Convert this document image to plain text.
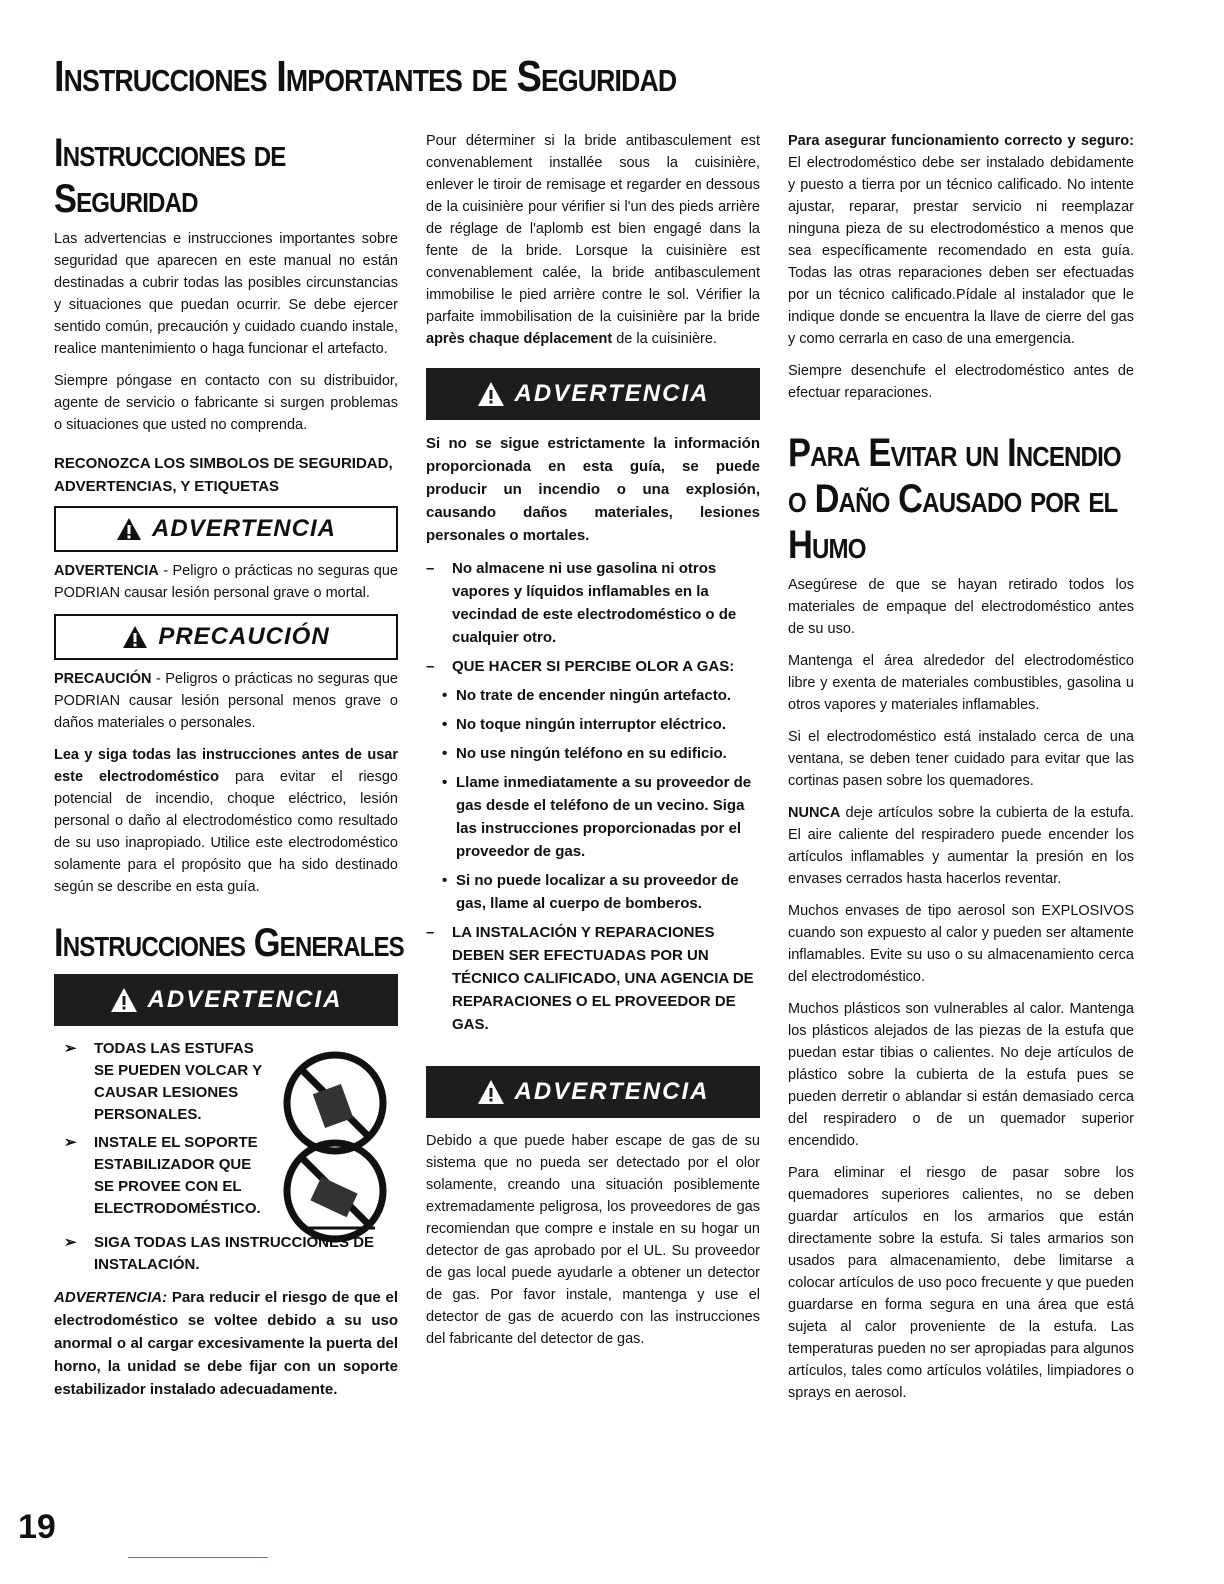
Instrucciones Importantes de Seguridad
Instrucciones de Seguridad

Las advertencias e instrucciones importantes sobre seguridad que aparecen en este manual no están destinadas a cubrir todas las posibles circunstancias y situaciones que puedan ocurrir. Se debe ejercer sentido común, precaución y cuidado cuando instale, realice mantenimiento o haga funcionar el artefacto.

Siempre póngase en contacto con su distribuidor, agente de servicio o fabricante si surgen problemas o situaciones que usted no comprenda.

RECONOZCA LOS SIMBOLOS DE SEGURIDAD, ADVERTENCIAS, Y ETIQUETAS
ADVERTENCIA

ADVERTENCIA - Peligro o prácticas no seguras que PODRIAN causar lesión personal grave o mortal.

PRECAUCIÓN

PRECAUCIÓN - Peligros o prácticas no seguras que PODRIAN causar lesión personal menos grave o daños materiales o personales.

Lea y siga todas las instrucciones antes de usar este electrodoméstico para evitar el riesgo potencial de incendio, choque eléctrico, lesión personal o daño al electrodoméstico como resultado de su uso inapropiado. Utilice este electrodoméstico solamente para el propósito que ha sido destinado según se describe en esta guía.

Instrucciones Generales
ADVERTENCIA
➢	TODAS LAS ESTUFAS SE PUEDEN VOLCAR Y CAUSAR LESIONES PERSONALES.
➢	INSTALE EL SOPORTE ESTABILIZADOR QUE SE PROVEE CON EL ELECTRODOMÉSTICO.
➢	SIGA TODAS LAS INSTRUCCIONES DE INSTALACIÓN.

ADVERTENCIA: Para reducir el riesgo de que el electrodoméstico se voltee debido a su uso anormal o al cargar excesivamente la puerta del horno, la unidad se debe fijar con un soporte estabilizador instalado adecuadamente.

Pour déterminer si la bride antibasculement est convenablement installée sous la cuisinière, enlever le tiroir de remisage et regarder en dessous de la cuisinière pour vérifier si l'un des pieds arrière de réglage de l'aplomb est bien engagé dans la fente de la bride. Lorsque la cuisinière est convenablement calée, la bride antibasculement immobilise le pied arrière contre le sol. Vérifier la parfaite immobilisation de la cuisinière par la bride après chaque déplacement de la cuisinière.

ADVERTENCIA

Si no se sigue estrictamente la información proporcionada en esta guía, se puede producir un incendio o una explosión, causando daños materiales, lesiones personales o mortales.

–	No almacene ni use gasolina ni otros vapores y líquidos inflamables en la vecindad de este electrodoméstico o de cualquier otro.
–	QUE HACER SI PERCIBE OLOR A GAS:
• No trate de encender ningún artefacto.
• No toque ningún interruptor eléctrico.
• No use ningún teléfono en su edificio.
• Llame inmediatamente a su proveedor de gas desde el teléfono de un vecino. Siga las instrucciones proporcionadas por el proveedor de gas.
• Si no puede localizar a su proveedor de gas, llame al cuerpo de bomberos.
–	LA INSTALACIÓN Y REPARACIONES DEBEN SER EFECTUADAS POR UN TÉCNICO CALIFICADO, UNA AGENCIA DE REPARACIONES O EL PROVEEDOR DE GAS.
ADVERTENCIA

Debido a que puede haber escape de gas de su sistema que no pueda ser detectado por el olor solamente, creando una situación posiblemente extremadamente peligrosa, los proveedores de gas recomiendan que compre e instale en su hogar un detector de gas aprobado por el UL. Su proveedor de gas local puede ayudarle a obtener un detector de gas. Por favor instale, mantenga y use el detector de gas de acuerdo con las instrucciones del fabricante del detector de gas.

Para asegurar funcionamiento correcto y seguro: El electrodoméstico debe ser instalado debidamente y puesto a tierra por un técnico calificado. No intente ajustar, reparar, prestar servicio ni reemplazar ninguna pieza de su electrodoméstico a menos que sea específicamente recomendado en esta guía. Todas las otras reparaciones deben ser efectuadas por un técnico calificado.Pídale al instalador que le indique donde se encuentra la llave de cierre del gas y como cerrarla en caso de una emergencia.

Siempre desenchufe el electrodoméstico antes de efectuar reparaciones.

Para Evitar un Incendio o Daño Causado por el Humo

Asegúrese de que se hayan retirado todos los materiales de empaque del electrodoméstico antes de su uso.

Mantenga el área alrededor del electrodoméstico libre y exenta de materiales combustibles, gasolina u otros vapores y materiales inflamables.

Si el electrodoméstico está instalado cerca de una ventana, se deben tener cuidado para evitar que las cortinas pasen sobre los quemadores.

NUNCA deje artículos sobre la cubierta de la estufa. El aire caliente del respiradero puede encender los artículos inflamables y aumentar la presión en los envases cerrados hasta hacerlos reventar.

Muchos envases de tipo aerosol son EXPLOSIVOS cuando son expuesto al calor y pueden ser altamente inflamables. Evite su uso o su almacenamiento cerca del electrodoméstico.

Muchos plásticos son vulnerables al calor. Mantenga los plásticos alejados de las piezas de la estufa que puedan estar tibias o calientes. No deje artículos de plástico sobre la cubierta de la estufa pues se pueden derretir o ablandar si están demasiado cerca del respiradero o de un quemador superior encendido.

Para eliminar el riesgo de pasar sobre los quemadores superiores calientes, no se deben guardar artículos en los armarios que están directamente sobre la estufa. Si tales armarios son usados para almacenamiento, debe limitarse a colocar artículos de uso poco frecuente y que pueden guardarse en forma segura en una área que está sujeta al calor proveniente de la estufa. Las temperaturas pueden no ser apropiadas para algunos artículos, tales como artículos volátiles, limpiadores o sprays en aerosol.

19
